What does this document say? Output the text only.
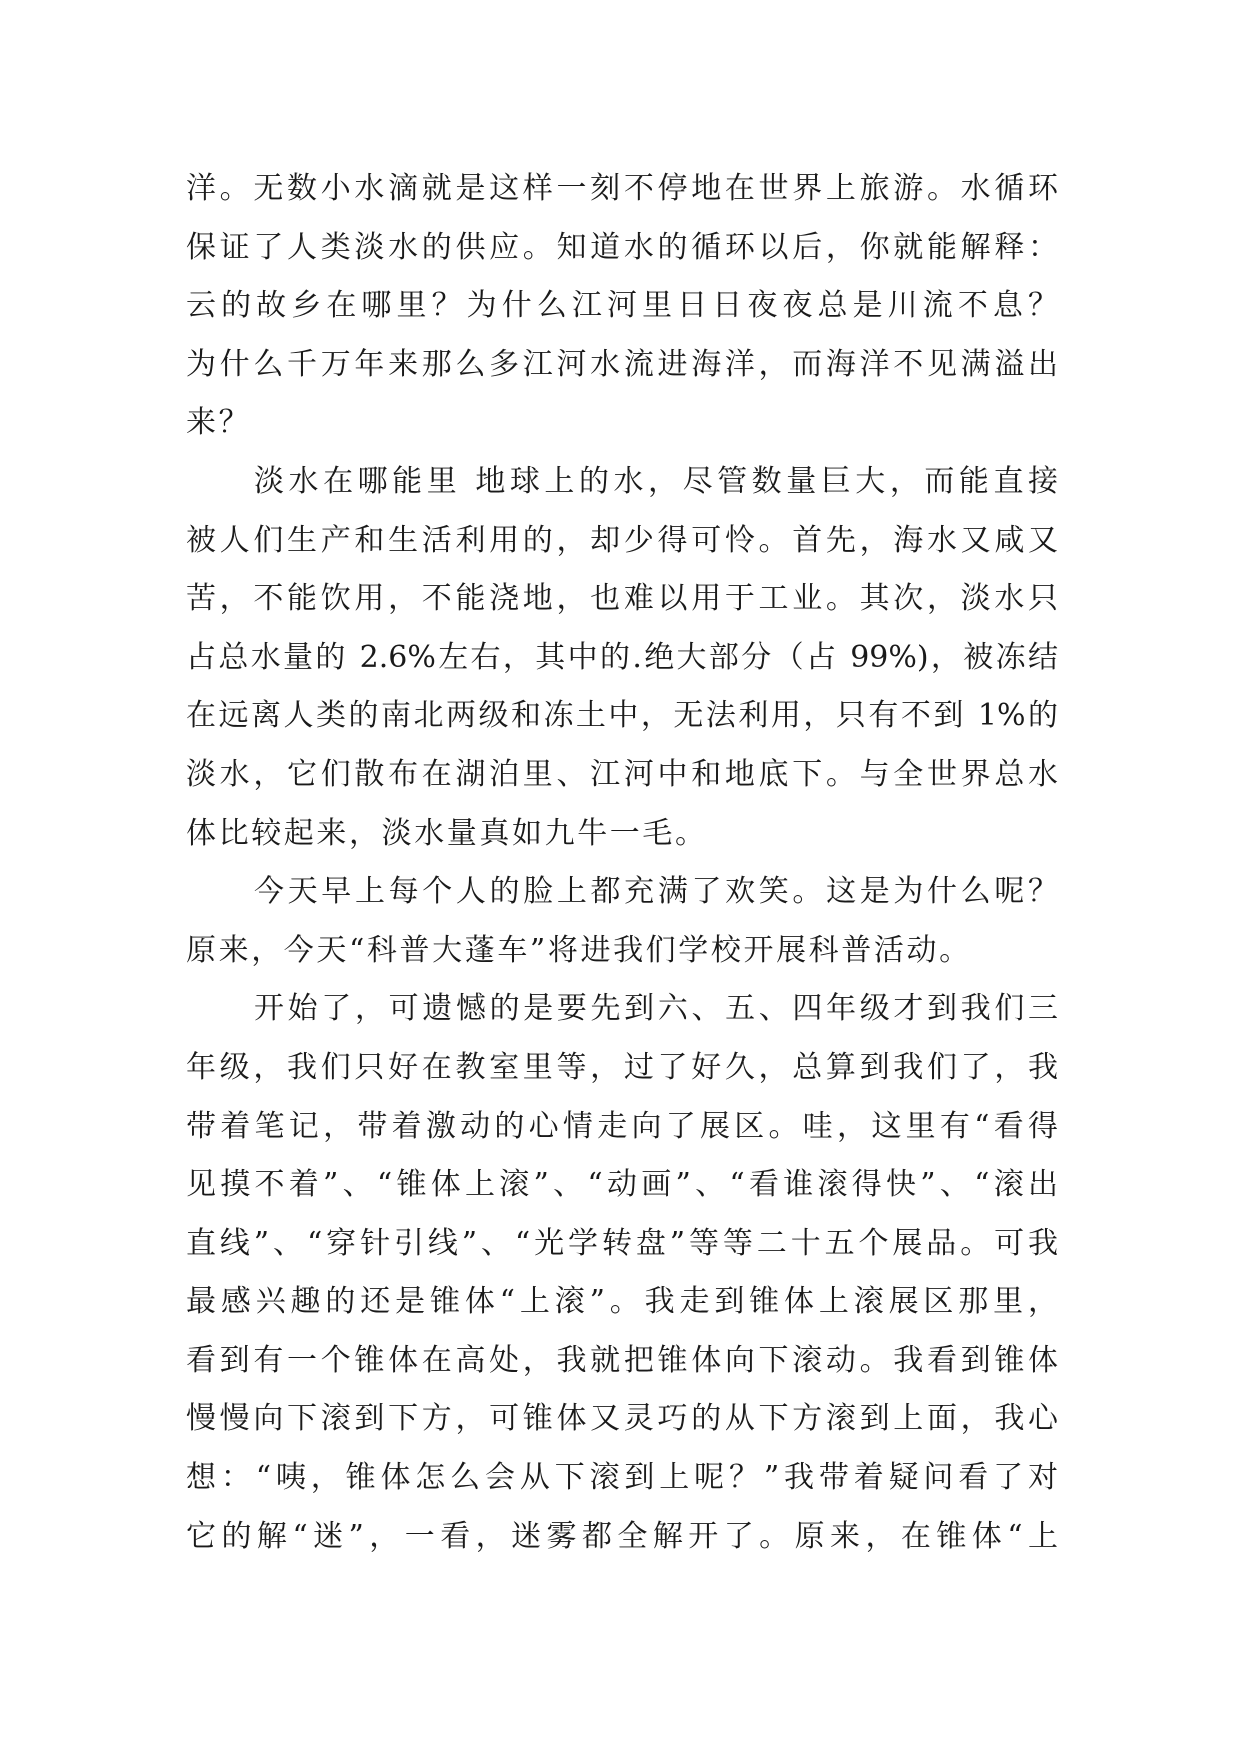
洋。无数小水滴就是这样一刻不停地在世界上旅游。水循环
保证了人类淡水的供应。知道水的循环以后，你就能解释：
云的故乡在哪里？为什么江河里日日夜夜总是川流不息？
为什么千万年来那么多江河水流进海洋，而海洋不见满溢出
来？
淡水在哪能里 地球上的水，尽管数量巨大，而能直接
被人们生产和生活利用的，却少得可怜。首先，海水又咸又
苦，不能饮用，不能浇地，也难以用于工业。其次，淡水只
占总水量的 2.6%左右，其中的.绝大部分（占 99%)，被冻结
在远离人类的南北两级和冻土中，无法利用，只有不到 1%的
淡水，它们散布在湖泊里、江河中和地底下。与全世界总水
体比较起来，淡水量真如九牛一毛。
今天早上每个人的脸上都充满了欢笑。这是为什么呢？
原来，今天“科普大蓬车”将进我们学校开展科普活动。
开始了，可遗憾的是要先到六、五、四年级才到我们三
年级，我们只好在教室里等，过了好久，总算到我们了，我
带着笔记，带着激动的心情走向了展区。哇，这里有“看得
见摸不着”、“锥体上滚”、“动画”、“看谁滚得快”、“滚出
直线”、“穿针引线”、“光学转盘”等等二十五个展品。可我
最感兴趣的还是锥体“上滚”。我走到锥体上滚展区那里，
看到有一个锥体在高处，我就把锥体向下滚动。我看到锥体
慢慢向下滚到下方，可锥体又灵巧的从下方滚到上面，我心
想：“咦，锥体怎么会从下滚到上呢？”我带着疑问看了对
它的解“迷”，一看，迷雾都全解开了。原来，在锥体“上
